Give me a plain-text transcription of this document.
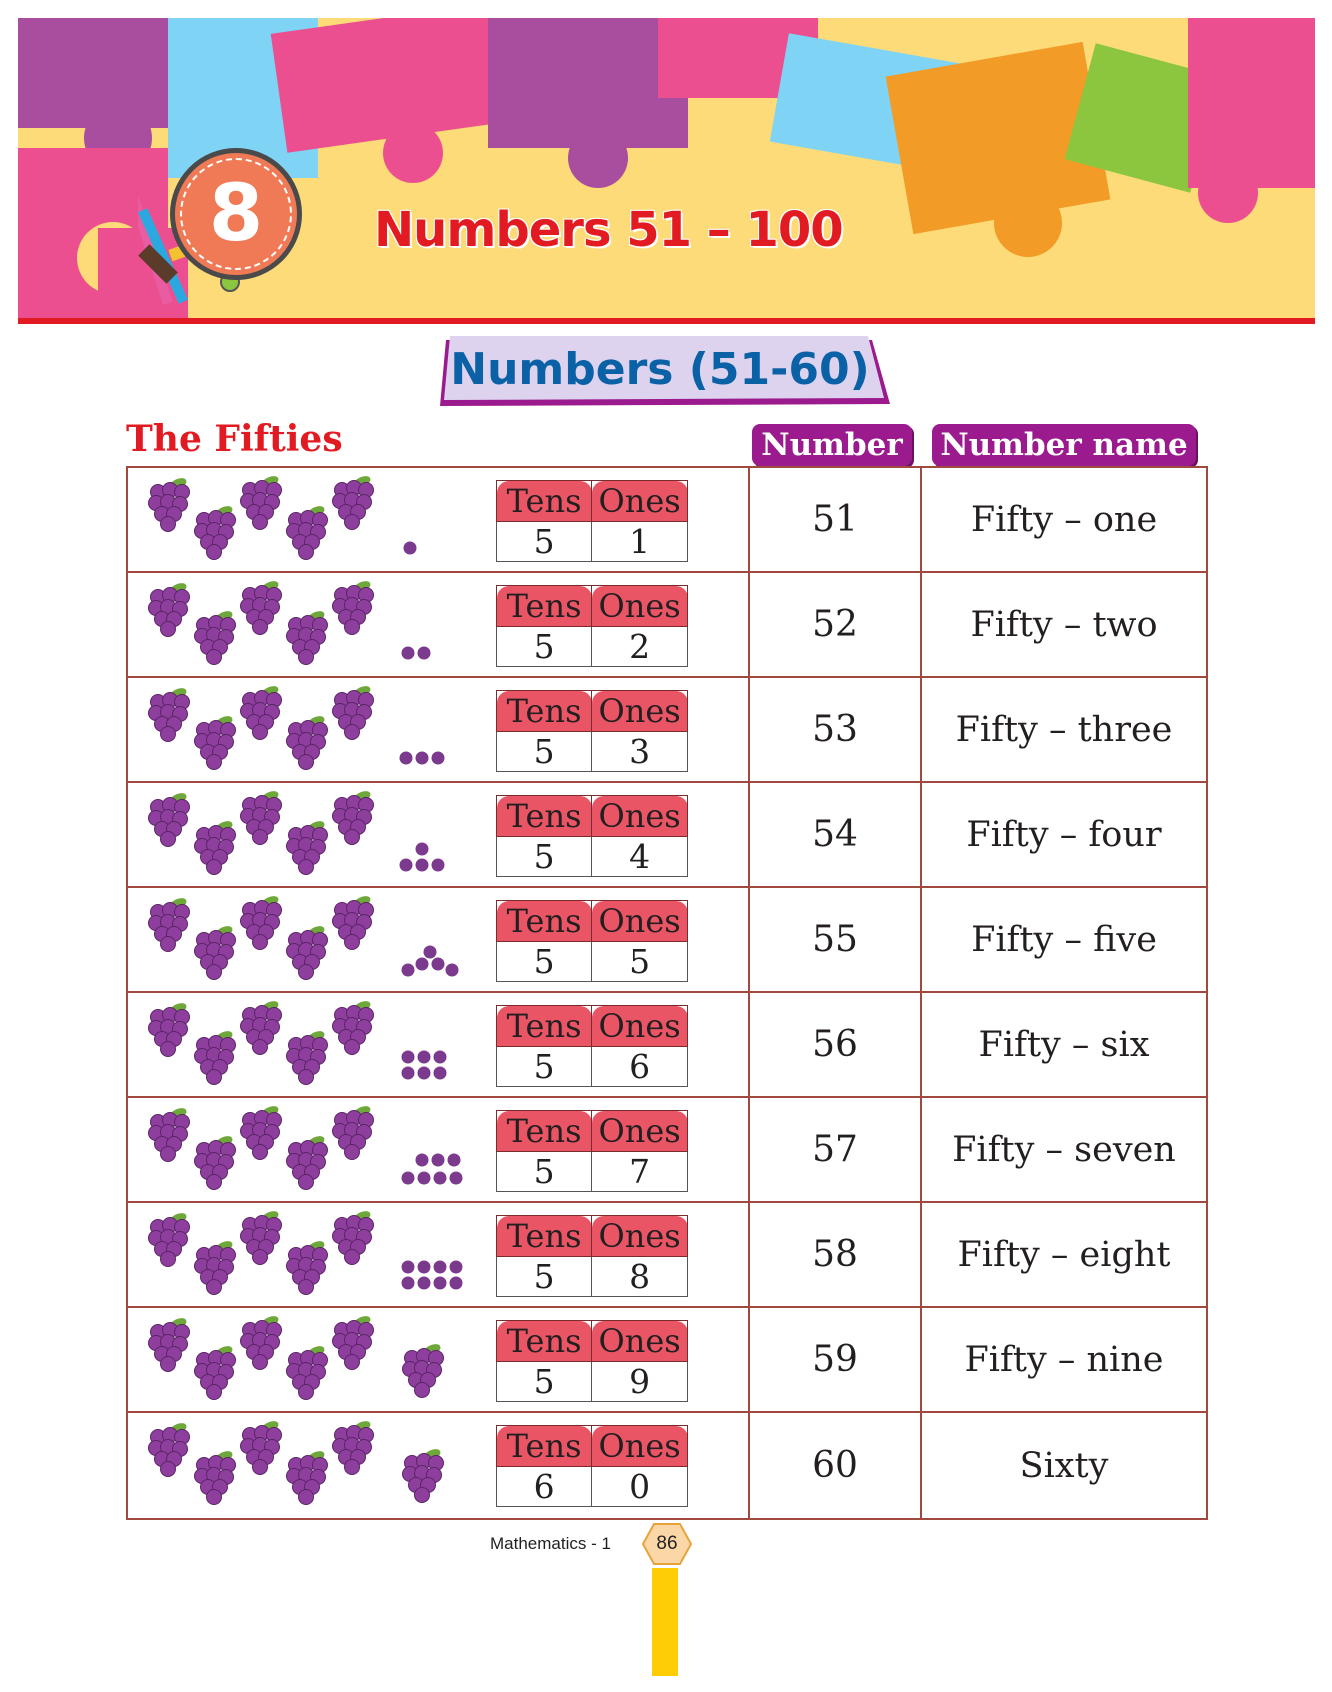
8 Numbers 51 – 100
Numbers (51-60)
The Fifties	Number Number name
Tens	Ones
5	1
51	Fifty – one
Tens	Ones
5	2
52	Fifty – two
Tens	Ones
5	3
53	Fifty – three
Tens	Ones
5	4
54	Fifty – four
Tens	Ones
5	5
55	Fifty – five
Tens	Ones
5	6
56	Fifty – six
Tens	Ones
5	7
57	Fifty – seven
Tens	Ones
5	8
58	Fifty – eight
Tens	Ones
5	9
59	Fifty – nine
Tens	Ones
6	0
60	Sixty
Mathematics - 1	86
